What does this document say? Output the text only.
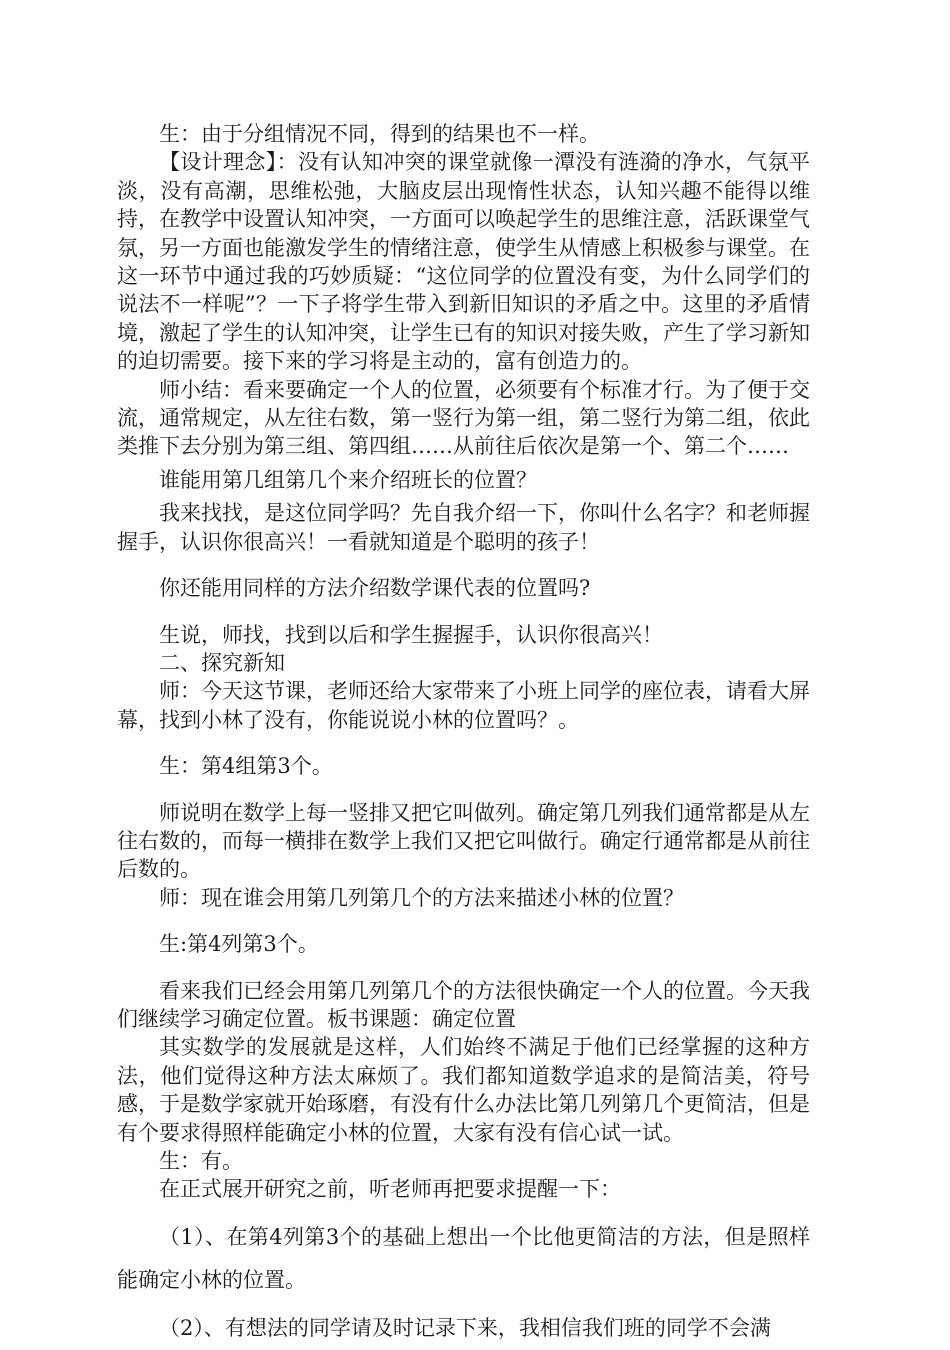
生：由于分组情况不同，得到的结果也不一样。

【设计理念】：没有认知冲突的课堂就像一潭没有涟漪的净水，气氛平淡，没有高潮，思维松弛，大脑皮层出现惰性状态，认知兴趣不能得以维持，在教学中设置认知冲突，一方面可以唤起学生的思维注意，活跃课堂气氛，另一方面也能激发学生的情绪注意，使学生从情感上积极参与课堂。在这一环节中通过我的巧妙质疑：“这位同学的位置没有变，为什么同学们的说法不一样呢”？一下子将学生带入到新旧知识的矛盾之中。这里的矛盾情境，激起了学生的认知冲突，让学生已有的知识对接失败，产生了学习新知的迫切需要。接下来的学习将是主动的，富有创造力的。

师小结：看来要确定一个人的位置，必须要有个标准才行。为了便于交流，通常规定，从左往右数，第一竖行为第一组，第二竖行为第二组，依此类推下去分别为第三组、第四组……从前往后依次是第一个、第二个……

谁能用第几组第几个来介绍班长的位置？

我来找找，是这位同学吗？先自我介绍一下，你叫什么名字？和老师握握手，认识你很高兴！一看就知道是个聪明的孩子！

你还能用同样的方法介绍数学课代表的位置吗?

生说，师找，找到以后和学生握握手，认识你很高兴！

二、探究新知

师：今天这节课，老师还给大家带来了小班上同学的座位表，请看大屏幕，找到小林了没有，你能说说小林的位置吗？。

生：第4组第3个。

师说明在数学上每一竖排又把它叫做列。确定第几列我们通常都是从左往右数的，而每一横排在数学上我们又把它叫做行。确定行通常都是从前往后数的。

师：现在谁会用第几列第几个的方法来描述小林的位置？

生:第4列第3个。

看来我们已经会用第几列第几个的方法很快确定一个人的位置。今天我们继续学习确定位置。板书课题：确定位置

其实数学的发展就是这样，人们始终不满足于他们已经掌握的这种方法，他们觉得这种方法太麻烦了。我们都知道数学追求的是简洁美，符号感，于是数学家就开始琢磨，有没有什么办法比第几列第几个更简洁，但是有个要求得照样能确定小林的位置，大家有没有信心试一试。

生：有。

在正式展开研究之前，听老师再把要求提醒一下：

（1）、在第4列第3个的基础上想出一个比他更简洁的方法，但是照样能确定小林的位置。

（2）、有想法的同学请及时记录下来，我相信我们班的同学不会满
